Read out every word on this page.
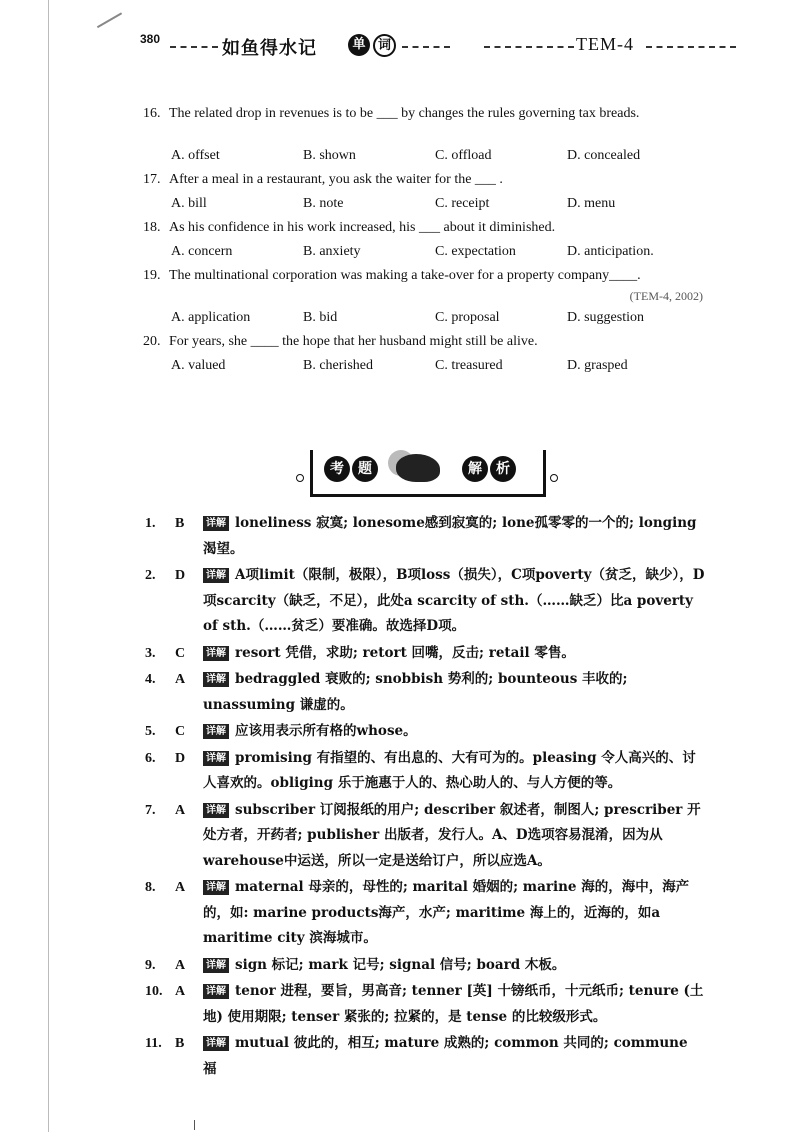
380	如鱼得水记	单 词	TEM-4
16. The related drop in revenues is to be ___ by changes the rules governing tax breads.
A. offset	B. shown	C. offload	D. concealed
17. After a meal in a restaurant, you ask the waiter for the ___ .
A. bill	B. note	C. receipt	D. menu
18. As his confidence in his work increased, his ___ about it diminished.
A. concern	B. anxiety	C. expectation	D. anticipation.
19. The multinational corporation was making a take-over for a property company____.
(TEM-4, 2002)
A. application	B. bid	C. proposal	D. suggestion
20. For years, she ____ the hope that her husband might still be alive.
A. valued	B. cherished	C. treasured	D. grasped
考	题	解	析
1. B 详解 loneliness 寂寞; lonesome感到寂寞的; lone孤零零的一个的; longing 渴望。
2. D 详解 A项limit（限制，极限），B项loss（损失），C项poverty（贫乏，缺少），D项scarcity（缺乏，不足），此处a scarcity of sth.（……缺乏）比a poverty of sth.（……贫乏）要准确。故选择D项。
3. C 详解 resort 凭借，求助; retort 回嘴，反击; retail 零售。
4. A 详解 bedraggled 衰败的; snobbish 势利的; bounteous 丰收的; unassuming 谦虚的。
5. C 详解 应该用表示所有格的whose。
6. D 详解 promising 有指望的、有出息的、大有可为的。pleasing 令人高兴的、讨人喜欢的。obliging 乐于施惠于人的、热心助人的、与人方便的等。
7. A 详解 subscriber 订阅报纸的用户; describer 叙述者，制图人; prescriber 开处方者，开药者; publisher 出版者，发行人。A、D选项容易混淆，因为从warehouse中运送，所以一定是送给订户，所以应选A。
8. A 详解 maternal 母亲的，母性的; marital 婚姻的; marine 海的，海中，海产的，如: marine products海产，水产; maritime 海上的，近海的，如a maritime city 滨海城市。
9. A 详解 sign 标记; mark 记号; signal 信号; board 木板。
10. A 详解 tenor 进程，要旨，男高音; tenner [英] 十镑纸币，十元纸币; tenure (土地) 使用期限; tenser 紧张的; 拉紧的，是 tense 的比较级形式。
11. B 详解 mutual 彼此的，相互; mature 成熟的; common 共同的; commune 福
